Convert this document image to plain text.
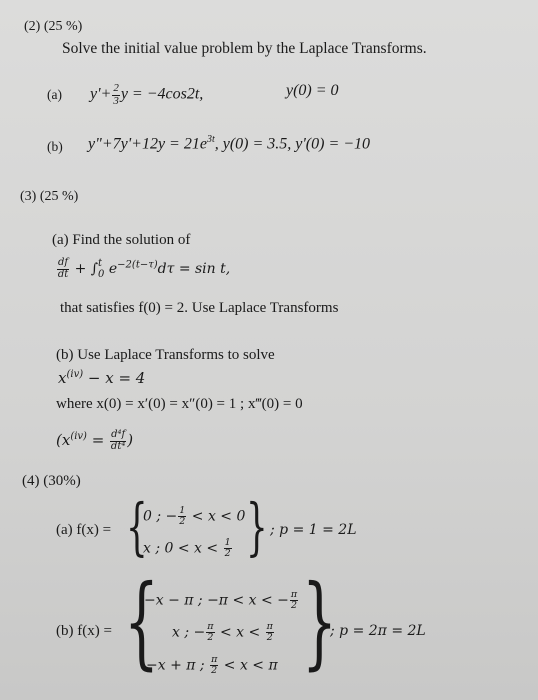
(2) (25 %)
Solve the initial value problem by the Laplace Transforms.
(a) $y'+ \frac{2}{3}$ y = −4cos2t,	y(0) = 0
(b) y"+7y'+12y = $21e^{3t}$, y(0) = 3.5, y'(0) = −10
(3) (25 %)
(a) Find the solution of
$\frac{df}{dt}$ + ∫ t
0 $e^{-2(t-\tau)}d\tau = \sin t$,
that satisfies f(0) = 2. Use Laplace Transforms
(b) Use Laplace Transforms to solve
$x^{(iv)} - x = 4$
where x(0) = x′(0) = x″(0) = 1 ; x‴(0) = 0
($x^{(iv)} = \frac{\text{d⁴f}}{\text{dt⁴}}$ )
(4) (30%)
(a) f(x) = {
0 ; − $\frac{1}{2} < x < 0$
x ; $0 < x < \frac{1}{2}$ } ; p = 1 = 2L
(b) f(x) = {
−x − π ; −π < x < − $\frac{\pi}{2}$
x ; − $\frac{\pi}{2} < x < \frac{\pi}{2}$
−x + π ; $\frac{\pi}{2} < x < \pi$ }
; p = 2π = 2L
